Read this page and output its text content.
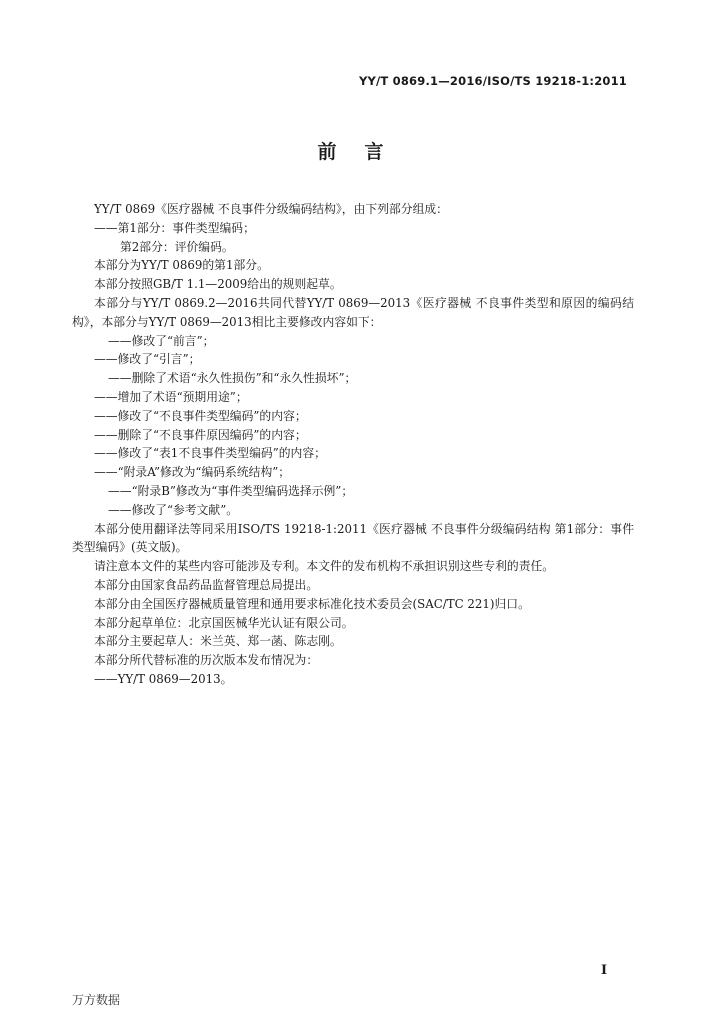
YY/T 0869.1—2016/ISO/TS 19218-1:2011
前言

YY/T 0869《医疗器械 不良事件分级编码结构》，由下列部分组成：

——第1部分：事件类型编码；

第2部分：评价编码。

本部分为YY/T 0869的第1部分。

本部分按照GB/T 1.1—2009给出的规则起草。

本部分与YY/T 0869.2—2016共同代替YY/T 0869—2013《医疗器械 不良事件类型和原因的编码结构》，本部分与YY/T 0869—2013相比主要修改内容如下：

——修改了“前言”；

——修改了“引言”；

——删除了术语“永久性损伤”和“永久性损坏”；

——增加了术语“预期用途”；

——修改了“不良事件类型编码”的内容；

——删除了“不良事件原因编码”的内容；

——修改了“表1不良事件类型编码”的内容；

——“附录A”修改为“编码系统结构”；

——“附录B”修改为“事件类型编码选择示例”；

——修改了“参考文献”。

本部分使用翻译法等同采用ISO/TS 19218-1:2011《医疗器械 不良事件分级编码结构 第1部分：事件类型编码》(英文版)。

请注意本文件的某些内容可能涉及专利。本文件的发布机构不承担识别这些专利的责任。

本部分由国家食品药品监督管理总局提出。

本部分由全国医疗器械质量管理和通用要求标准化技术委员会(SAC/TC 221)归口。

本部分起草单位：北京国医械华光认证有限公司。

本部分主要起草人：米兰英、郑一菡、陈志刚。

本部分所代替标准的历次版本发布情况为：

——YY/T 0869—2013。

Ⅰ
万方数据
